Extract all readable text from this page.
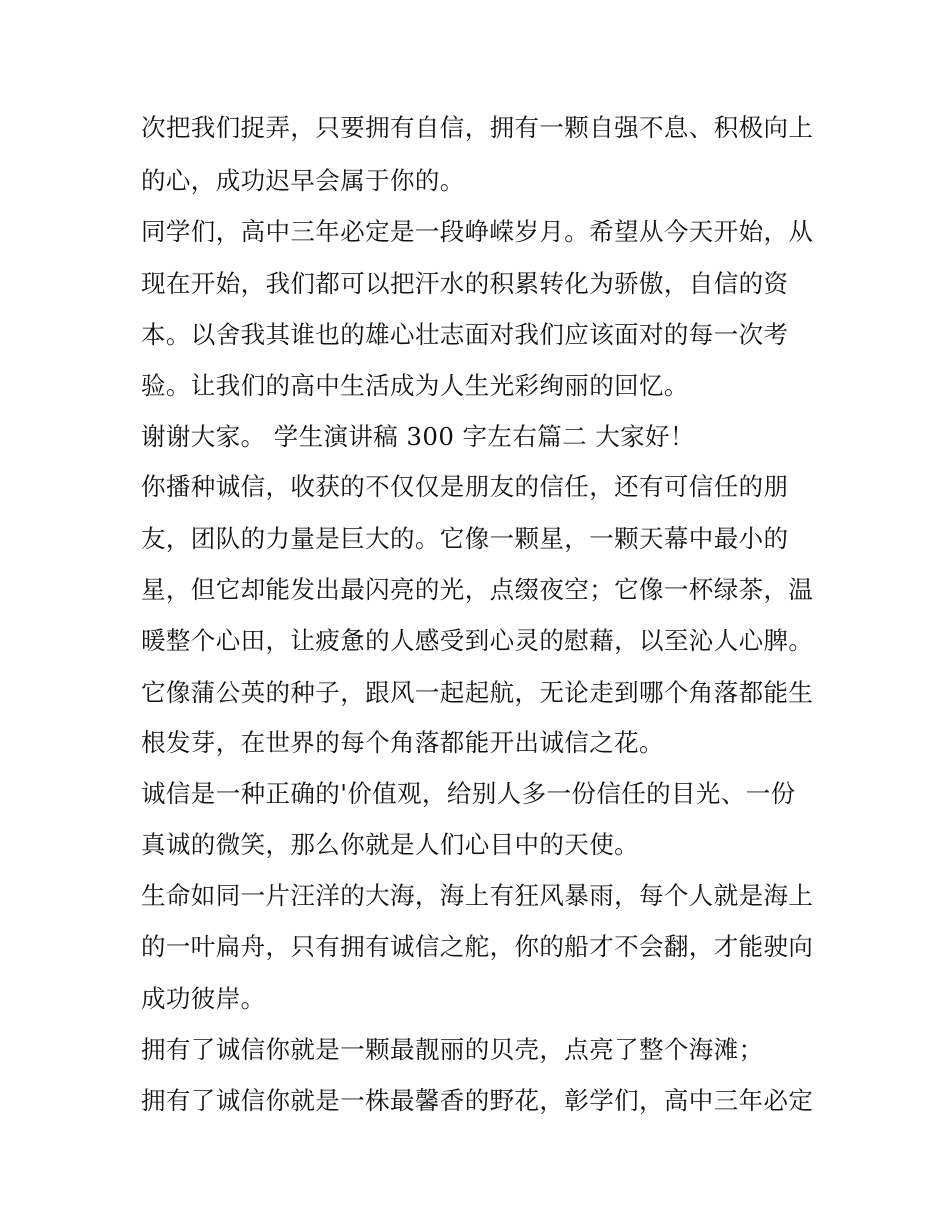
次把我们捉弄，只要拥有自信，拥有一颗自强不息、积极向上
的心，成功迟早会属于你的。
同学们，高中三年必定是一段峥嵘岁月。希望从今天开始，从
现在开始，我们都可以把汗水的积累转化为骄傲，自信的资
本。以舍我其谁也的雄心壮志面对我们应该面对的每一次考
验。让我们的高中生活成为人生光彩绚丽的回忆。
谢谢大家。 学生演讲稿 300 字左右篇二 大家好！
你播种诚信，收获的不仅仅是朋友的信任，还有可信任的朋
友，团队的力量是巨大的。它像一颗星，一颗天幕中最小的
星，但它却能发出最闪亮的光，点缀夜空；它像一杯绿茶，温
暖整个心田，让疲惫的人感受到心灵的慰藉，以至沁人心脾。
它像蒲公英的种子，跟风一起起航，无论走到哪个角落都能生
根发芽，在世界的每个角落都能开出诚信之花。
诚信是一种正确的'价值观，给别人多一份信任的目光、一份
真诚的微笑，那么你就是人们心目中的天使。
生命如同一片汪洋的大海，海上有狂风暴雨，每个人就是海上
的一叶扁舟，只有拥有诚信之舵，你的船才不会翻，才能驶向
成功彼岸。
拥有了诚信你就是一颗最靓丽的贝壳，点亮了整个海滩；
拥有了诚信你就是一株最馨香的野花，彰学们，高中三年必定
